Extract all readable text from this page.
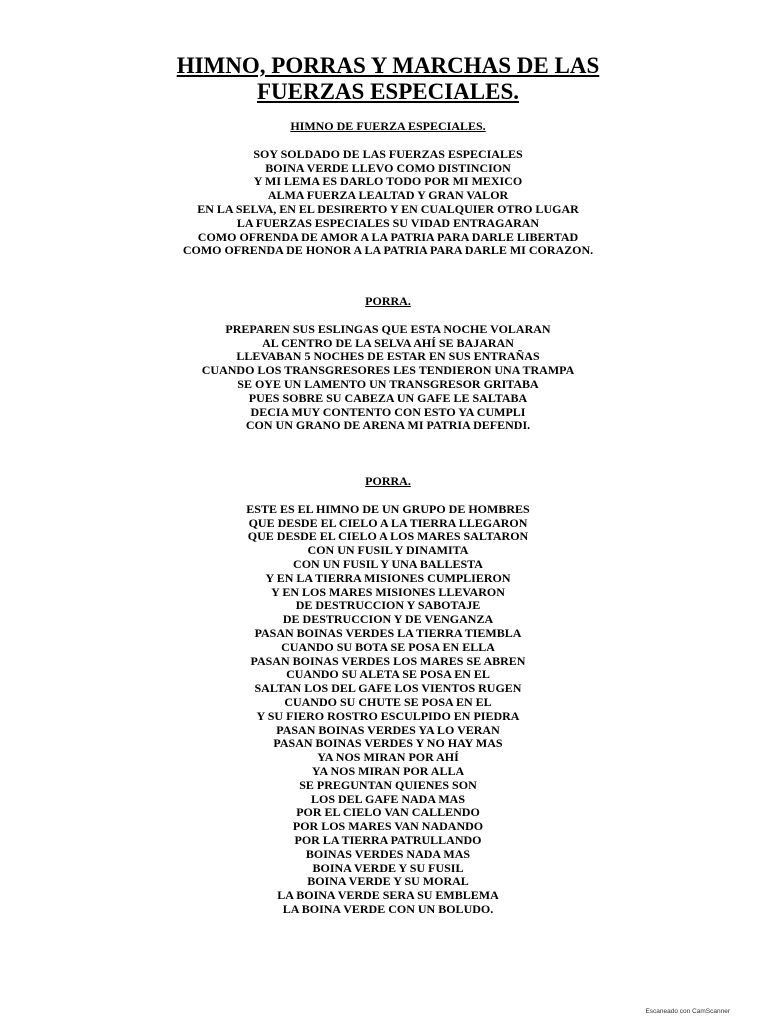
HIMNO, PORRAS Y MARCHAS DE LAS
FUERZAS ESPECIALES.
HIMNO DE FUERZA ESPECIALES.
SOY SOLDADO DE LAS FUERZAS ESPECIALES
BOINA VERDE LLEVO COMO DISTINCION
Y MI LEMA ES DARLO TODO POR MI MEXICO
ALMA FUERZA LEALTAD Y GRAN VALOR
EN LA SELVA, EN EL DESIRERTO Y EN CUALQUIER OTRO LUGAR
LA FUERZAS ESPECIALES SU VIDAD ENTRAGARAN
COMO OFRENDA DE AMOR A LA PATRIA PARA DARLE LIBERTAD
COMO OFRENDA DE HONOR A LA PATRIA PARA DARLE MI CORAZON.
PORRA.
PREPAREN SUS ESLINGAS QUE ESTA NOCHE VOLARAN
AL CENTRO DE LA SELVA AHÍ SE BAJARAN
LLEVABAN 5 NOCHES DE ESTAR EN SUS ENTRAÑAS
CUANDO LOS TRANSGRESORES LES TENDIERON UNA TRAMPA
SE OYE UN LAMENTO UN TRANSGRESOR GRITABA
PUES SOBRE SU CABEZA UN GAFE LE SALTABA
DECIA MUY CONTENTO CON ESTO YA CUMPLI
CON UN GRANO DE ARENA MI PATRIA DEFENDI.
PORRA.
ESTE ES EL HIMNO DE UN GRUPO DE HOMBRES
QUE DESDE EL CIELO A LA TIERRA LLEGARON
QUE DESDE EL CIELO A LOS MARES SALTARON
CON UN FUSIL Y DINAMITA
CON UN FUSIL Y UNA BALLESTA
Y EN LA TIERRA MISIONES CUMPLIERON
Y EN LOS MARES MISIONES LLEVARON
DE DESTRUCCION Y SABOTAJE
DE DESTRUCCION Y DE VENGANZA
PASAN BOINAS VERDES LA TIERRA TIEMBLA
CUANDO SU BOTA SE POSA EN ELLA
PASAN BOINAS VERDES LOS MARES SE ABREN
CUANDO SU ALETA SE POSA EN EL
SALTAN LOS DEL GAFE LOS VIENTOS RUGEN
CUANDO SU CHUTE SE POSA EN EL
Y SU FIERO ROSTRO ESCULPIDO EN PIEDRA
PASAN BOINAS VERDES YA LO VERAN
PASAN BOINAS VERDES Y NO HAY MAS
YA NOS MIRAN POR AHÍ
YA NOS MIRAN POR ALLA
SE PREGUNTAN QUIENES SON
LOS DEL GAFE NADA MAS
POR EL CIELO VAN CALLENDO
POR LOS MARES VAN NADANDO
POR LA TIERRA PATRULLANDO
BOINAS VERDES NADA MAS
BOINA VERDE Y SU FUSIL
BOINA VERDE Y SU MORAL
LA BOINA VERDE SERA SU EMBLEMA
LA BOINA VERDE CON UN BOLUDO.
Escaneado con CamScanner
